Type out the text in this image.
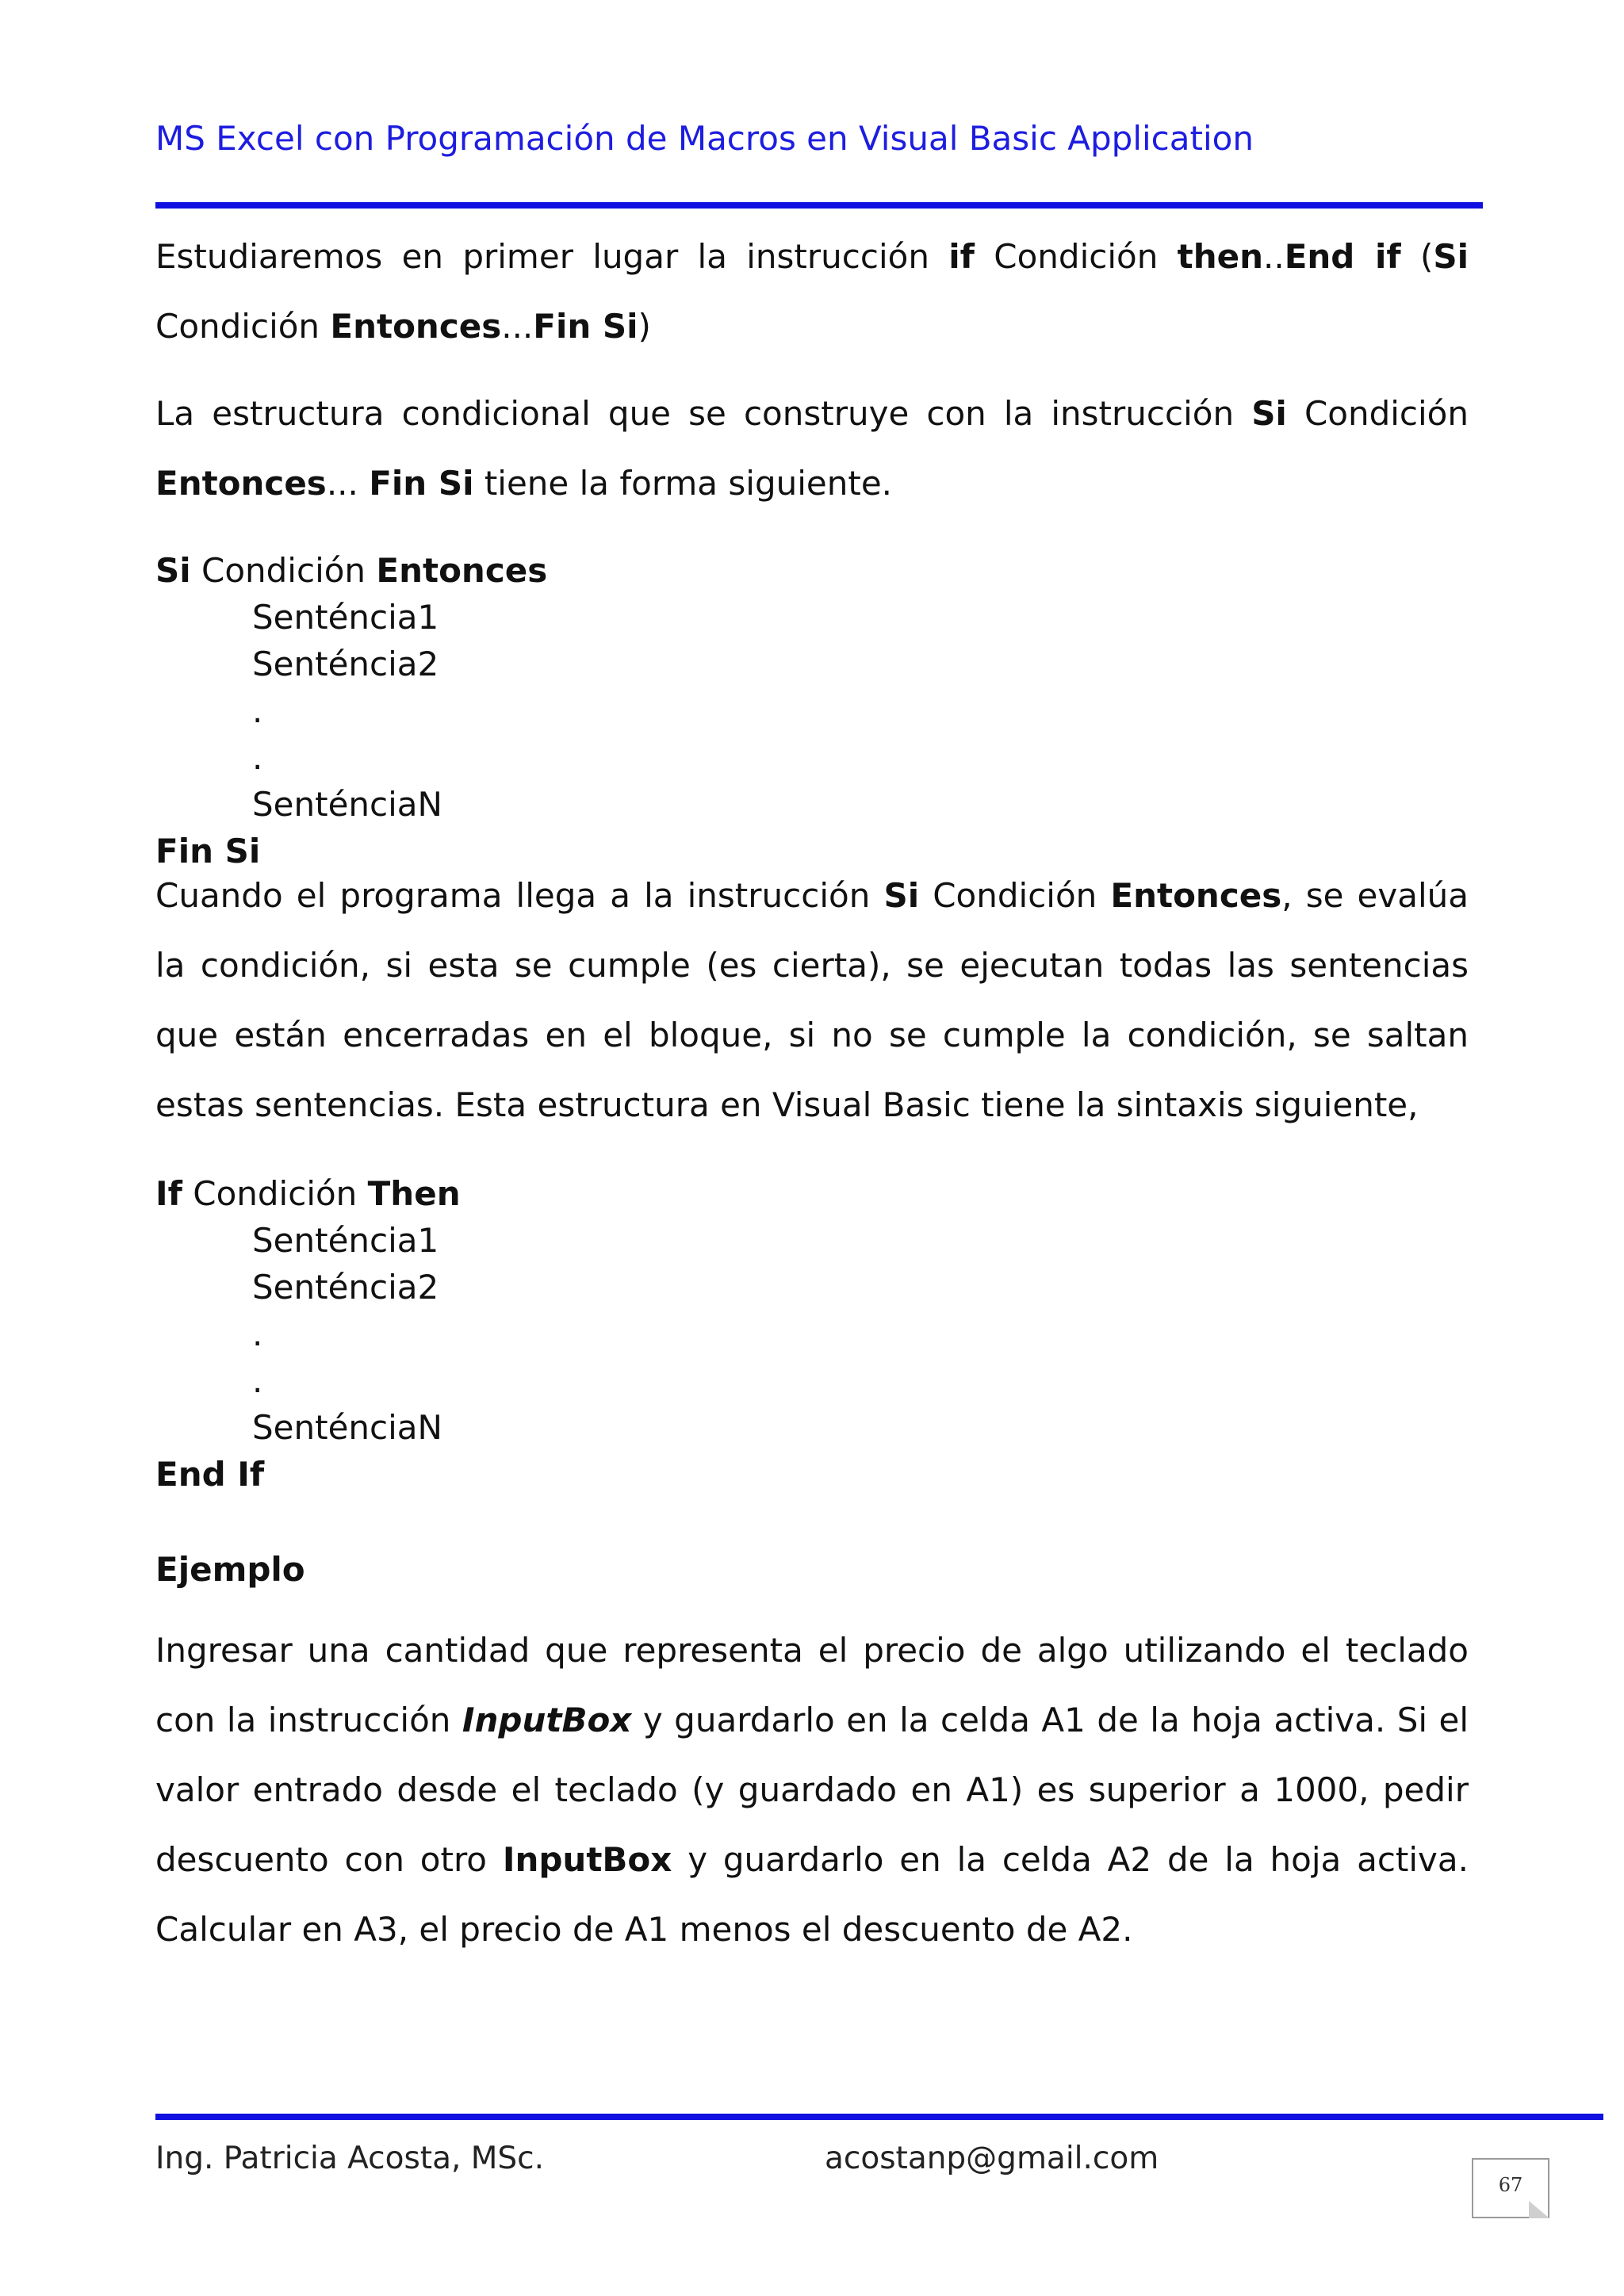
MS Excel con Programación de Macros en Visual Basic Application
Estudiaremos en primer lugar la instrucción if Condición then..End if (Si Condición Entonces...Fin Si)
La estructura condicional que se construye con la instrucción Si Condición Entonces... Fin Si tiene la forma siguiente.
Si Condición Entonces
Senténcia1
Senténcia2
.
.
SenténciaN
Fin Si
Cuando el programa llega a la instrucción Si Condición Entonces, se evalúa la condición, si esta se cumple (es cierta), se ejecutan todas las sentencias que están encerradas en el bloque, si no se cumple la condición, se saltan estas sentencias. Esta estructura en Visual Basic tiene la sintaxis siguiente,
If Condición Then
Senténcia1
Senténcia2
.
.
SenténciaN
End If
Ejemplo
Ingresar una cantidad que representa el precio de algo utilizando el teclado con la instrucción InputBox y guardarlo en la celda A1 de la hoja activa. Si el valor entrado desde el teclado (y guardado en A1) es superior a 1000, pedir descuento con otro InputBox y guardarlo en la celda A2 de la hoja activa. Calcular en A3, el precio de A1 menos el descuento de A2.
Ing. Patricia Acosta, MSc.	acostanp@gmail.com
67
